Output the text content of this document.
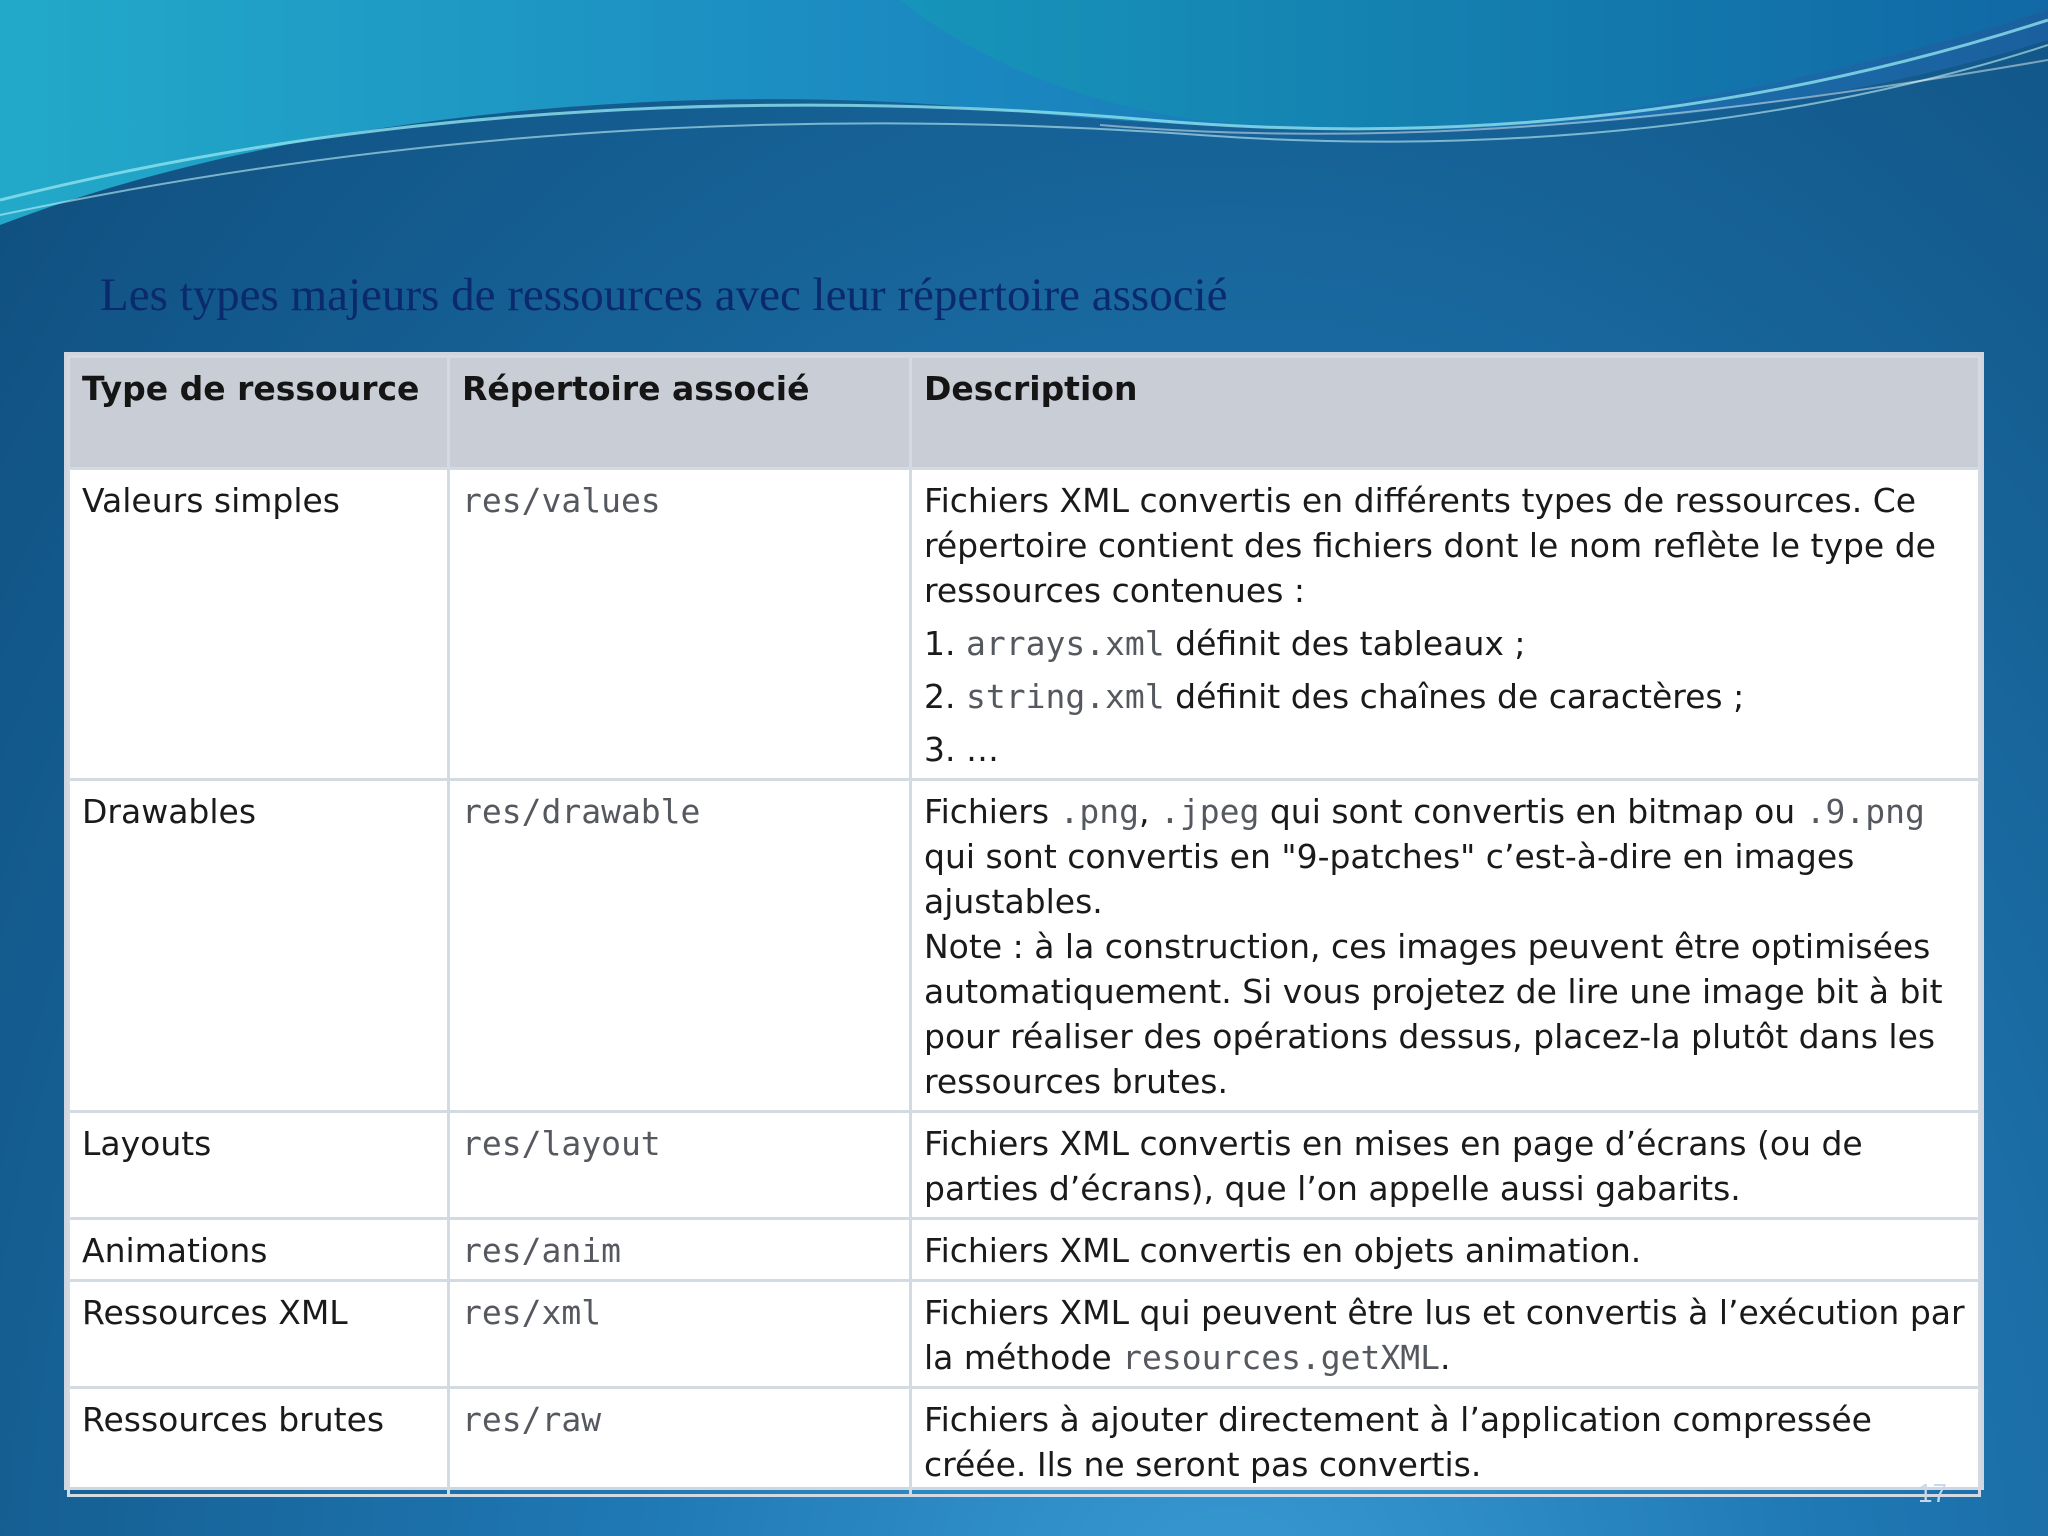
Les types majeurs de ressources avec leur répertoire associé
Type de ressource	Répertoire associé	Description
Valeurs simples	res/values	Fichiers XML convertis en différents types de ressources. Ce répertoire contient des fichiers dont le nom reflète le type de ressources contenues :
1. arrays.xml définit des tableaux ;
2. string.xml définit des chaînes de caractères ;
3. …

Drawables	res/drawable	Fichiers .png, .jpeg qui sont convertis en bitmap ou .9.png qui sont convertis en "9-patches" c’est-à-dire en images ajustables.
Note : à la construction, ces images peuvent être optimisées automatiquement. Si vous projetez de lire une image bit à bit pour réaliser des opérations dessus, placez-la plutôt dans les ressources brutes.

Layouts	res/layout	Fichiers XML convertis en mises en page d’écrans (ou de parties d’écrans), que l’on appelle aussi gabarits.
Animations	res/anim	Fichiers XML convertis en objets animation.
Ressources XML	res/xml	Fichiers XML qui peuvent être lus et convertis à l’exécution par la méthode resources.getXML.
Ressources brutes	res/raw	Fichiers à ajouter directement à l’application compressée créée. Ils ne seront pas convertis.
17
